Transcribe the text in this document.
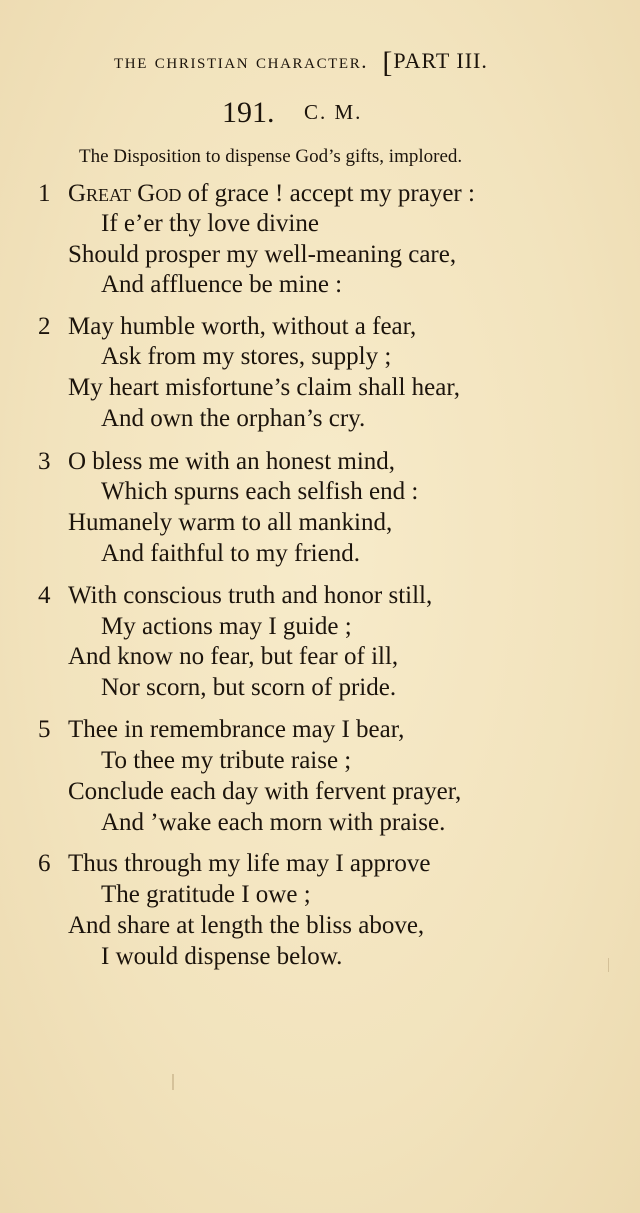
the christian character. [PART III.
191. C. M.
The Disposition to dispense God’s gifts, implored.
1 Great God of grace ! accept my prayer :
If e’er thy love divine
Should prosper my well-meaning care,
And affluence be mine :
2 May humble worth, without a fear,
Ask from my stores, supply ;
My heart misfortune’s claim shall hear,
And own the orphan’s cry.
3 O bless me with an honest mind,
Which spurns each selfish end :
Humanely warm to all mankind,
And faithful to my friend.
4 With conscious truth and honor still,
My actions may I guide ;
And know no fear, but fear of ill,
Nor scorn, but scorn of pride.
5 Thee in remembrance may I bear,
To thee my tribute raise ;
Conclude each day with fervent prayer,
And ’wake each morn with praise.
6 Thus through my life may I approve
The gratitude I owe ;
And share at length the bliss above,
I would dispense below.
